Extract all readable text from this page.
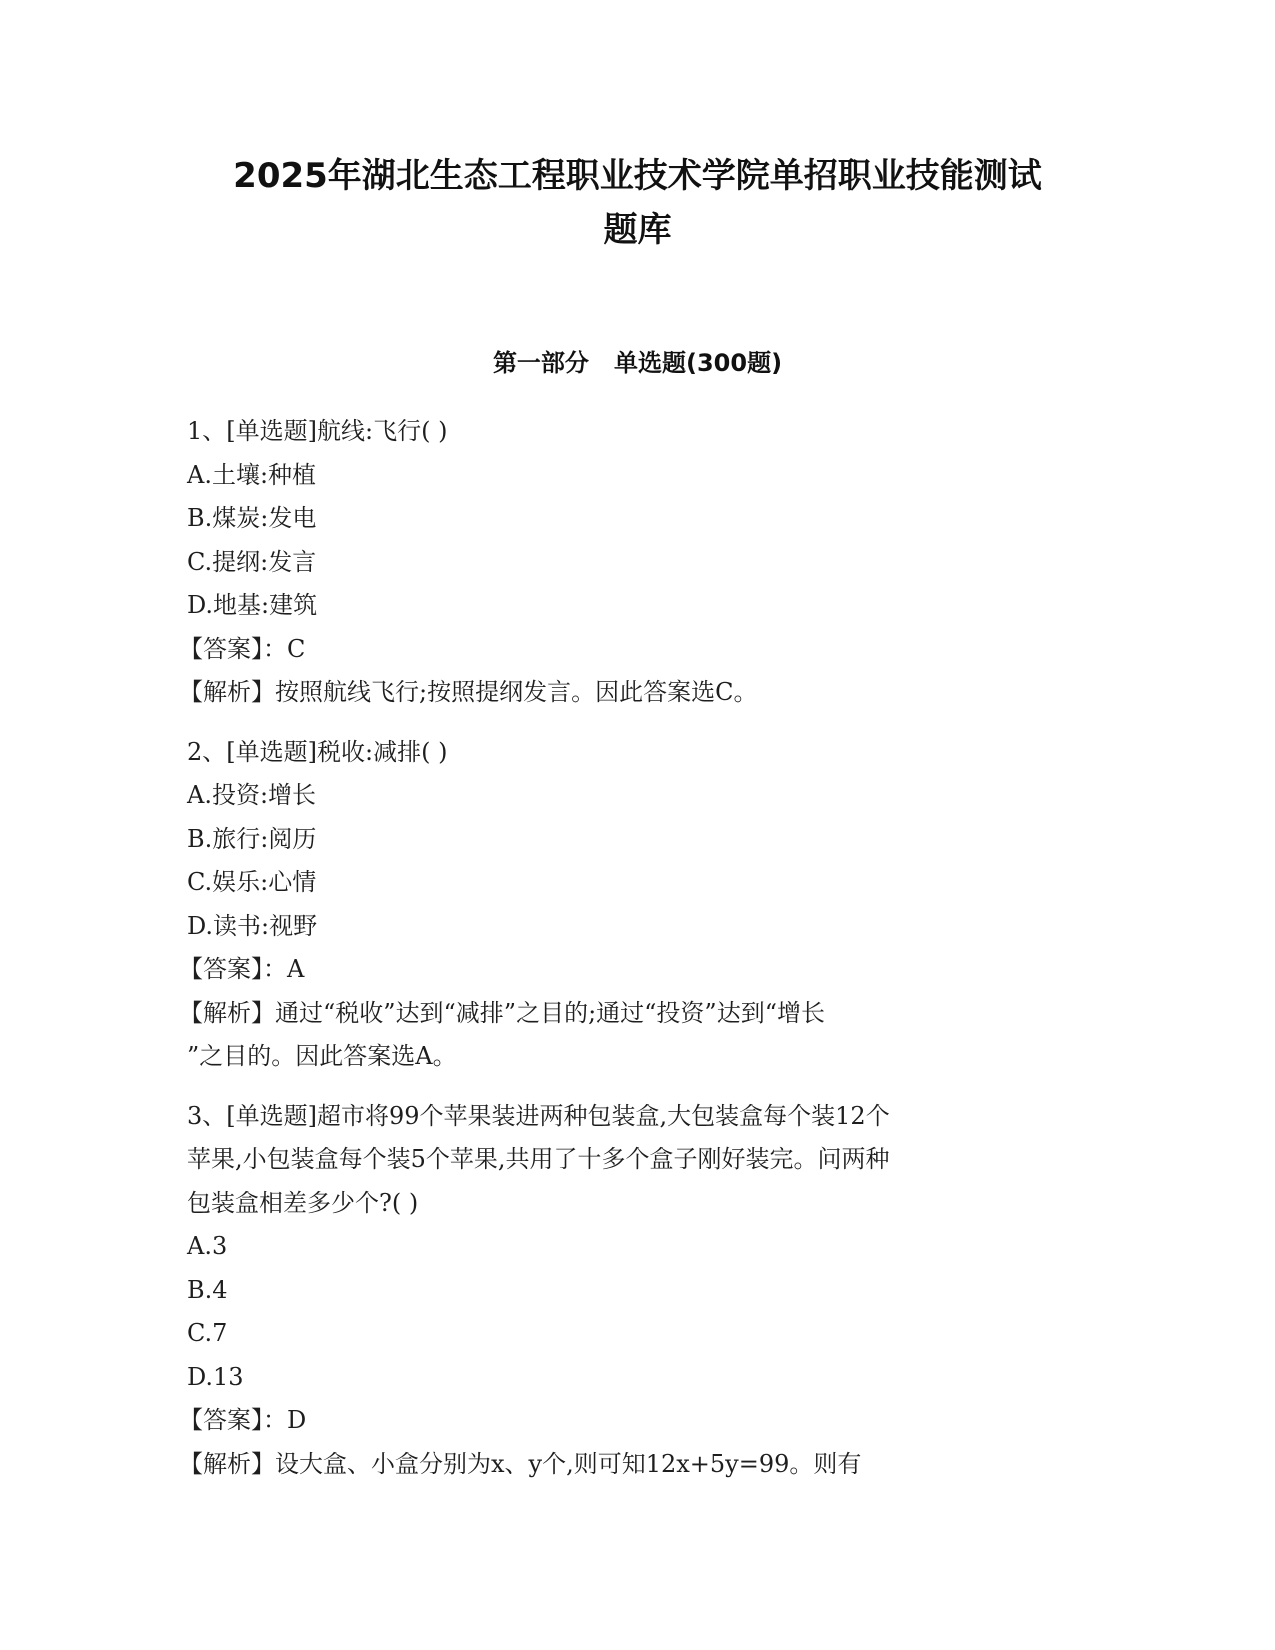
2025年湖北生态工程职业技术学院单招职业技能测试
题库
第一部分   单选题(300题)
1、[单选题]航线:飞行( )
A.土壤:种植
B.煤炭:发电
C.提纲:发言
D.地基:建筑
【答案】：C
【解析】按照航线飞行;按照提纲发言。因此答案选C。
2、[单选题]税收:减排( )
A.投资:增长
B.旅行:阅历
C.娱乐:心情
D.读书:视野
【答案】：A
【解析】通过“税收”达到“减排”之目的;通过“投资”达到“增长
”之目的。因此答案选A。
3、[单选题]超市将99个苹果装进两种包装盒,大包装盒每个装12个
苹果,小包装盒每个装5个苹果,共用了十多个盒子刚好装完。问两种
包装盒相差多少个?( )
A.3
B.4
C.7
D.13
【答案】：D
【解析】设大盒、小盒分别为x、y个,则可知12x+5y=99。则有
